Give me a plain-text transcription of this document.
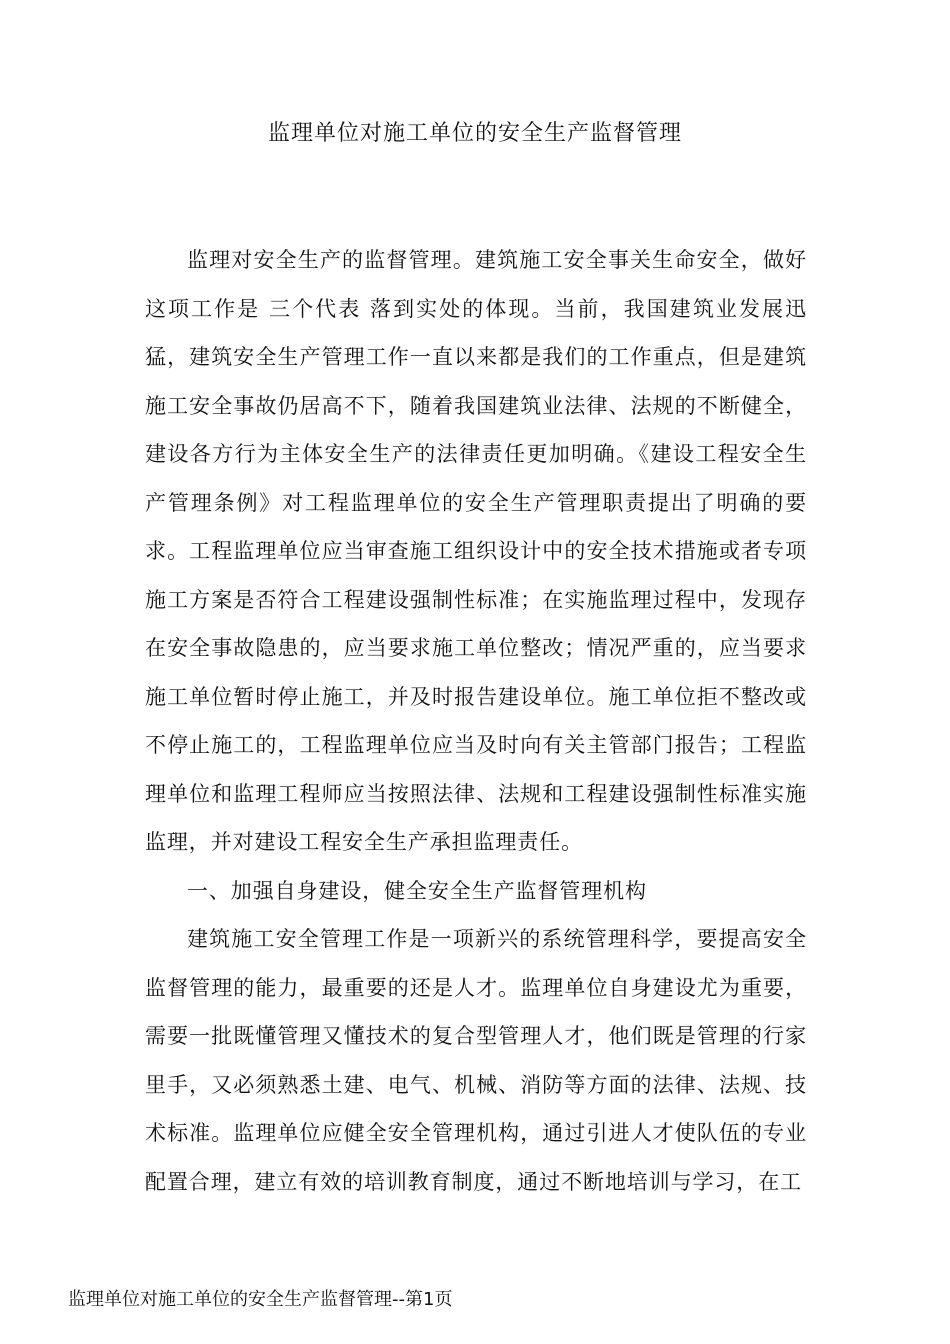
监理单位对施工单位的安全生产监督管理

监理对安全生产的监督管理。建筑施工安全事关生命安全，做好这项工作是 三个代表 落到实处的体现。当前，我国建筑业发展迅猛，建筑安全生产管理工作一直以来都是我们的工作重点，但是建筑施工安全事故仍居高不下，随着我国建筑业法律、法规的不断健全，建设各方行为主体安全生产的法律责任更加明确。《建设工程安全生产管理条例》对工程监理单位的安全生产管理职责提出了明确的要求。工程监理单位应当审查施工组织设计中的安全技术措施或者专项施工方案是否符合工程建设强制性标准；在实施监理过程中，发现存在安全事故隐患的，应当要求施工单位整改；情况严重的，应当要求施工单位暂时停止施工，并及时报告建设单位。施工单位拒不整改或不停止施工的，工程监理单位应当及时向有关主管部门报告；工程监理单位和监理工程师应当按照法律、法规和工程建设强制性标准实施监理，并对建设工程安全生产承担监理责任。

一、加强自身建设，健全安全生产监督管理机构

建筑施工安全管理工作是一项新兴的系统管理科学，要提高安全监督管理的能力，最重要的还是人才。监理单位自身建设尤为重要，需要一批既懂管理又懂技术的复合型管理人才，他们既是管理的行家里手，又必须熟悉土建、电气、机械、消防等方面的法律、法规、技术标准。监理单位应健全安全管理机构，通过引进人才使队伍的专业配置合理，建立有效的培训教育制度，通过不断地培训与学习，在工

监理单位对施工单位的安全生产监督管理--第1页
